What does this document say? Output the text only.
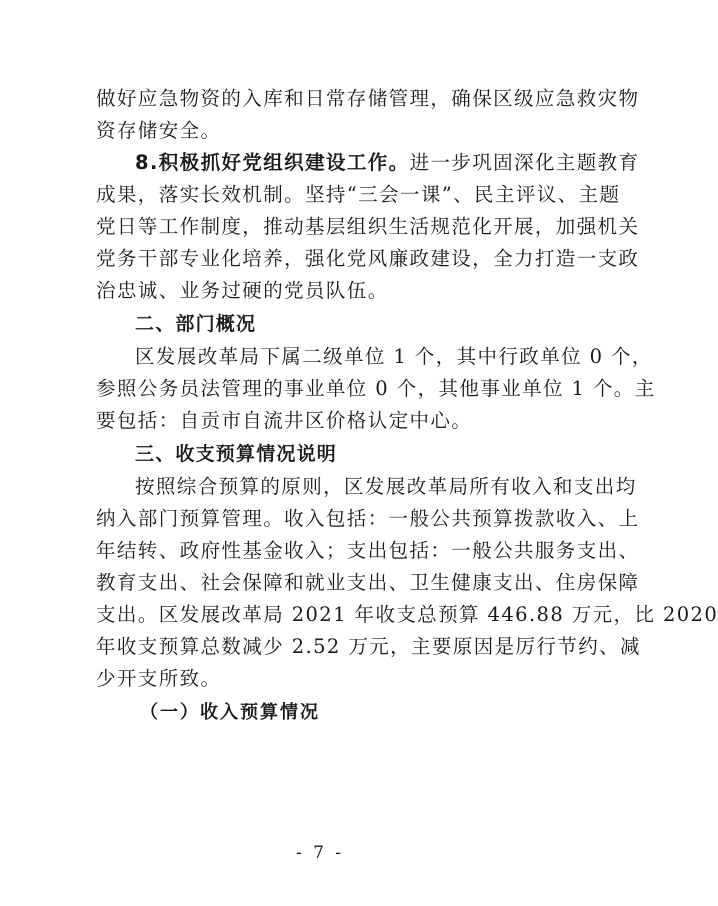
做好应急物资的入库和日常存储管理，确保区级应急救灾物
资存储安全。
8.积极抓好党组织建设工作。进一步巩固深化主题教育
成果，落实长效机制。坚持“三会一课”、民主评议、主题
党日等工作制度，推动基层组织生活规范化开展，加强机关
党务干部专业化培养，强化党风廉政建设，全力打造一支政
治忠诚、业务过硬的党员队伍。
二、部门概况
区发展改革局下属二级单位 1 个，其中行政单位 0 个，
参照公务员法管理的事业单位 0 个，其他事业单位 1 个。主
要包括：自贡市自流井区价格认定中心。
三、收支预算情况说明
按照综合预算的原则，区发展改革局所有收入和支出均
纳入部门预算管理。收入包括：一般公共预算拨款收入、上
年结转、政府性基金收入；支出包括：一般公共服务支出、
教育支出、社会保障和就业支出、卫生健康支出、住房保障
支出。区发展改革局 2021 年收支总预算 446.88 万元，比 2020
年收支预算总数减少 2.52 万元，主要原因是厉行节约、减
少开支所致。
（一）收入预算情况
- 7 -
